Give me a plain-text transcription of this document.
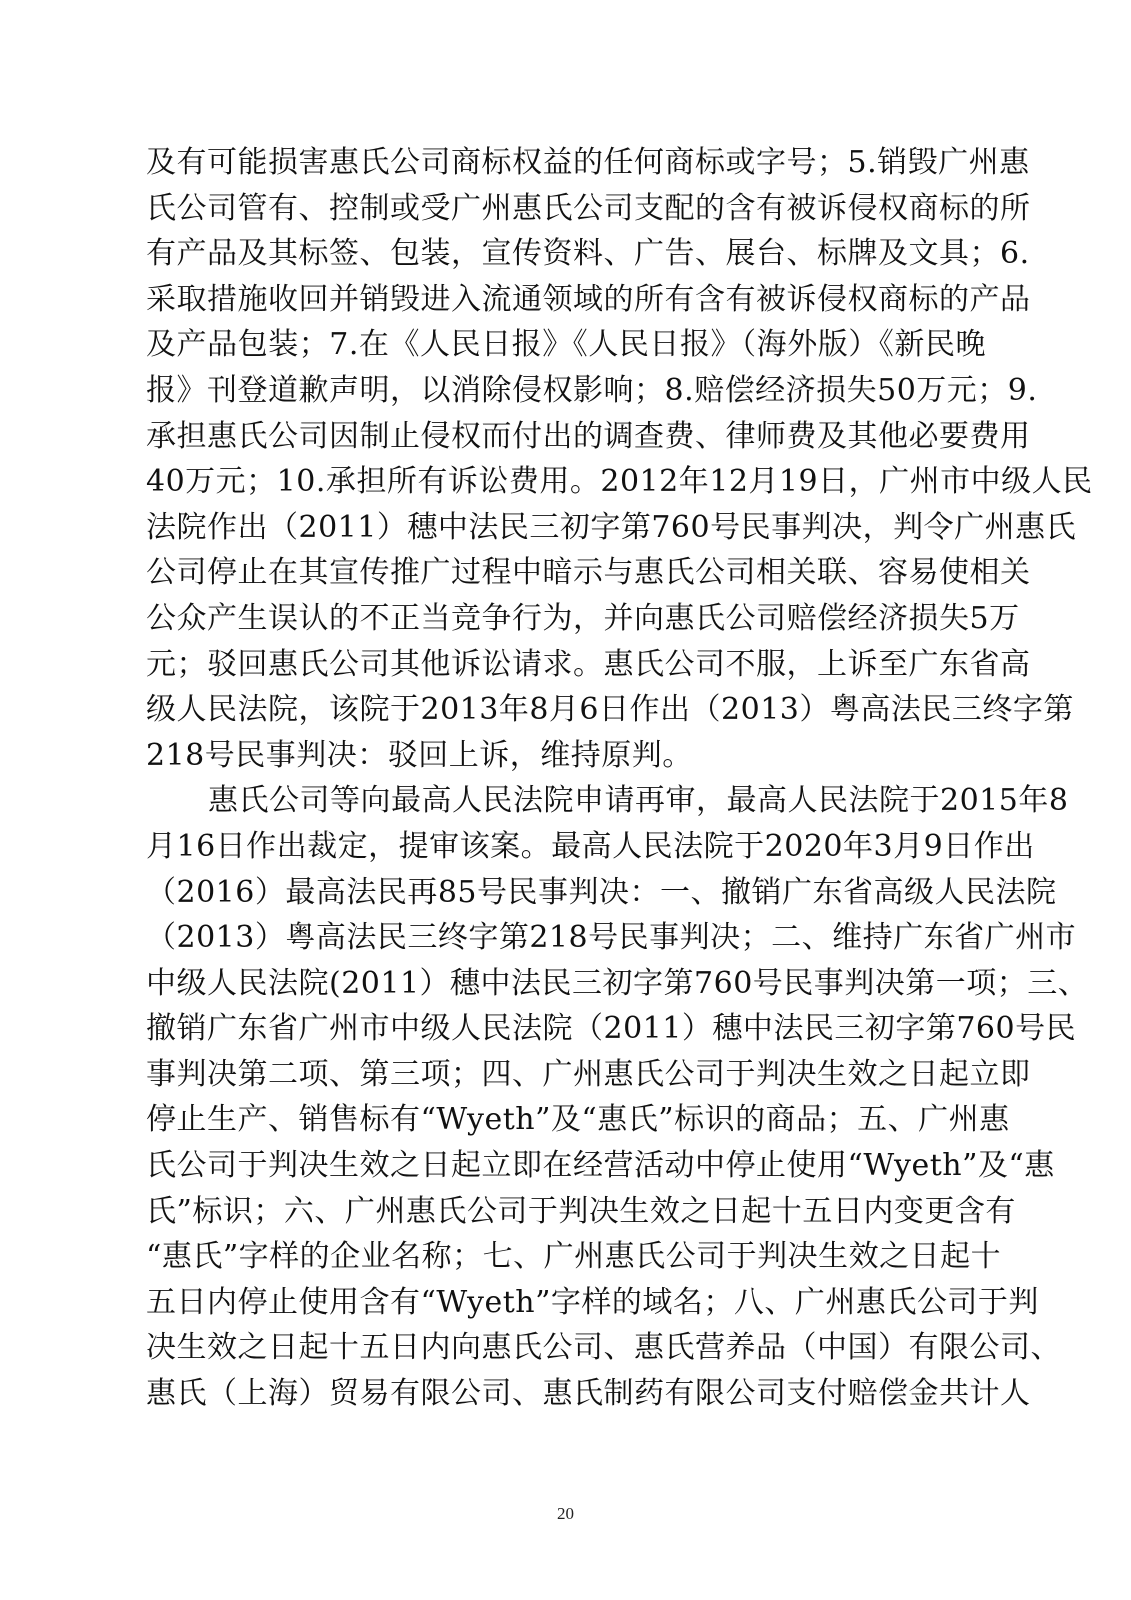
及有可能损害惠氏公司商标权益的任何商标或字号；5.销毁广州惠
氏公司管有、控制或受广州惠氏公司支配的含有被诉侵权商标的所
有产品及其标签、包装，宣传资料、广告、展台、标牌及文具；6.
采取措施收回并销毁进入流通领域的所有含有被诉侵权商标的产品
及产品包装；7.在《人民日报》《人民日报》（海外版）《新民晚
报》刊登道歉声明，以消除侵权影响；8.赔偿经济损失50万元；9.
承担惠氏公司因制止侵权而付出的调查费、律师费及其他必要费用
40万元；10.承担所有诉讼费用。2012年12月19日，广州市中级人民
法院作出（2011）穗中法民三初字第760号民事判决，判令广州惠氏
公司停止在其宣传推广过程中暗示与惠氏公司相关联、容易使相关
公众产生误认的不正当竞争行为，并向惠氏公司赔偿经济损失5万
元；驳回惠氏公司其他诉讼请求。惠氏公司不服，上诉至广东省高
级人民法院，该院于2013年8月6日作出（2013）粤高法民三终字第
218号民事判决：驳回上诉，维持原判。

惠氏公司等向最高人民法院申请再审，最高人民法院于2015年8
月16日作出裁定，提审该案。最高人民法院于2020年3月9日作出
（2016）最高法民再85号民事判决：一、撤销广东省高级人民法院
（2013）粤高法民三终字第218号民事判决；二、维持广东省广州市
中级人民法院(2011）穗中法民三初字第760号民事判决第一项；三、
撤销广东省广州市中级人民法院（2011）穗中法民三初字第760号民
事判决第二项、第三项；四、广州惠氏公司于判决生效之日起立即
停止生产、销售标有“Wyeth”及“惠氏”标识的商品；五、广州惠
氏公司于判决生效之日起立即在经营活动中停止使用“Wyeth”及“惠
氏”标识；六、广州惠氏公司于判决生效之日起十五日内变更含有
“惠氏”字样的企业名称；七、广州惠氏公司于判决生效之日起十
五日内停止使用含有“Wyeth”字样的域名；八、广州惠氏公司于判
决生效之日起十五日内向惠氏公司、惠氏营养品（中国）有限公司、
惠氏（上海）贸易有限公司、惠氏制药有限公司支付赔偿金共计人

20
